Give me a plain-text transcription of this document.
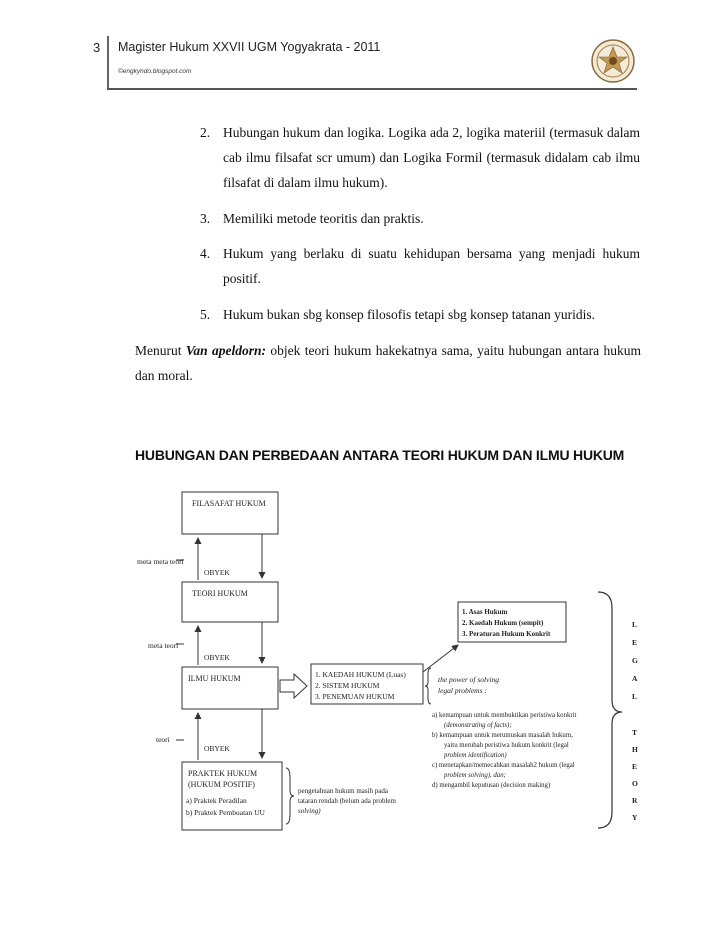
3 Magister Hukum XXVII UGM Yogyakrata - 2011
©engkyndo.blogspot.com
2. Hubungan hukum dan logika. Logika ada 2, logika materiil (termasuk dalam cab ilmu filsafat scr umum) dan Logika Formil (termasuk didalam cab ilmu filsafat di dalam ilmu hukum).
3. Memiliki metode teoritis dan praktis.
4. Hukum yang berlaku di suatu kehidupan bersama yang menjadi hukum positif.
5. Hukum bukan sbg konsep filosofis tetapi sbg konsep tatanan yuridis.
Menurut Van apeldorn: objek teori hukum hakekatnya sama, yaitu hubungan antara hukum dan moral.
HUBUNGAN DAN PERBEDAAN ANTARA TEORI HUKUM DAN ILMU HUKUM
FILASAFAT HUKUM
TEORI HUKUM
ILMU HUKUM
PRAKTEK HUKUM
(HUKUM POSITIF)
a) Praktek Peradilan
b) Praktek Pembuatan UU
OBYEK
OBYEK
OBYEK
meta meta teori
meta teori
teori
1. KAEDAH HUKUM (Luas)
2. SISTEM HUKUM
3. PENEMUAN HUKUM
1. Asas Hukum
2. Kaedah Hukum (sempit)
3. Peraturan Hukum Konkrit
the power of solving
legal problems :
a) kemampuan untuk membuktikan peristiwa konkrit
(demonstrating of facts);
b) kemampuan untuk merumuskan masalah hukum,
yaitu merubah peristiwa hukum konkrit (legal
problem identification)
c) menetapkan/memecahkan masalah2 hukum (legal
problem solving), dan;
d) mengambil keputusan (decision making)
pengetahuan hukum masih pada
tataran rendah (belum ada problem
solving)
L
E
G
A
L
T
H
E
O
R
Y
